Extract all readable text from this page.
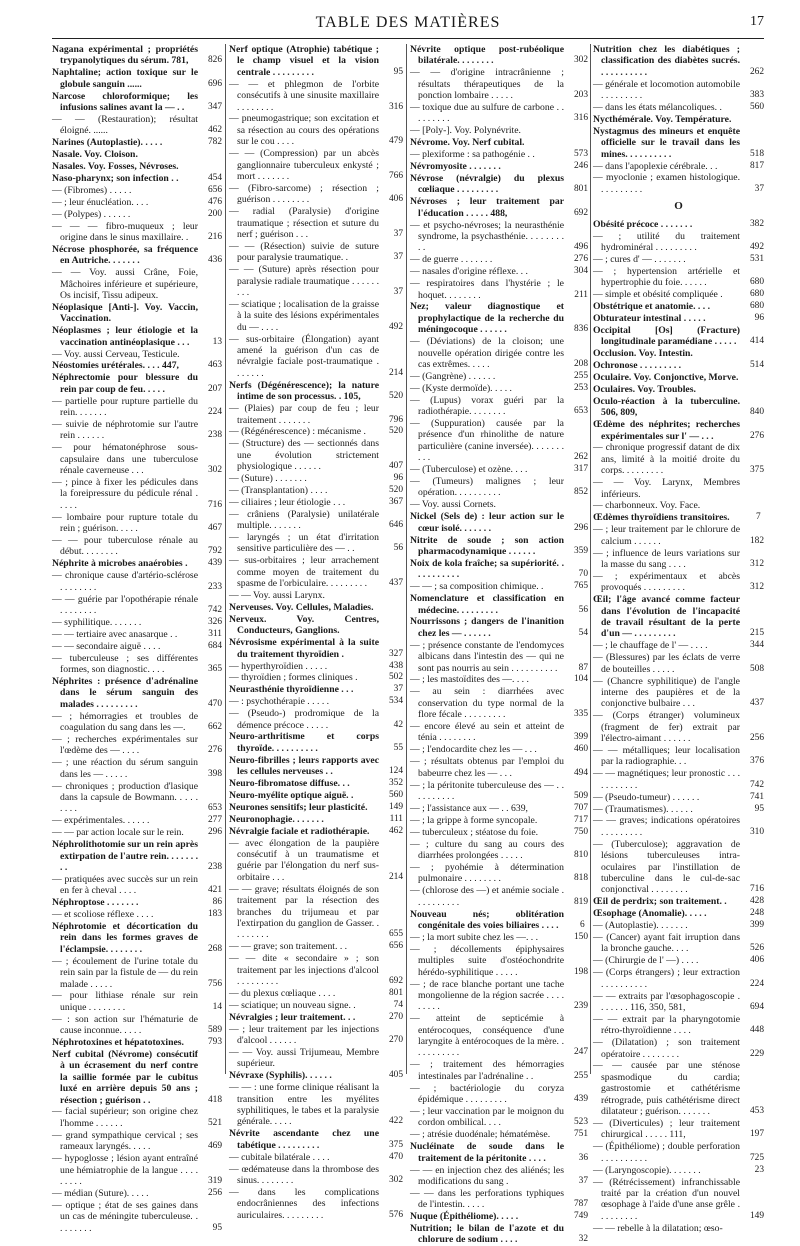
TABLE DES MATIÈRES	17
Nagana expérimental ; propriétés trypanolytiques du sérum. 781, 826
Naphtaline; action toxique sur le globule sanguin ......	696
Narcose chloroformique; les infusions salines avant la — . .	347
— — (Restauration); résultat éloigné. ......	462
Narines (Autoplastie). . . . .	782
Nasale. Voy. Cloison.
Nasales. Voy. Fosses, Névroses.
Naso-pharynx; son infection . .	454
— (Fibromes) . . . . .	656
— ; leur énucléation. . . .	476
— (Polypes) . . . . . .	200
— — — fibro-muqueux ; leur origine dans le sinus maxillaire. . 216
Nécrose phosphorée, sa fréquence en Autriche. . . . . . .	436
— — Voy. aussi Crâne, Foie, Mâchoires inférieure et supérieure, Os incisif, Tissu adipeux.
Néoplasique [Anti-]. Voy. Vaccin, Vaccination.
Néoplasmes ; leur étiologie et la vaccination antinéoplasique . . . 13
— Voy. aussi Cerveau, Testicule.
Néostomies urétérales. . . . 447,	463
Néphrectomie pour blessure du rein par coup de feu. . . . .	207
— partielle pour rupture partielle du rein. . . . . . .	224
— suivie de néphrotomie sur l'autre rein . . . . . .	238
— pour hématonéphrose sous-capsulaire dans une tuberculose rénale caverneuse . . .	302
— ; pince à fixer les pédicules dans la foreipressure du pédicule rénal . . . . .	716
— lombaire pour rupture totale du rein ; guérison. . . . .	467
— — pour tuberculose rénale au début. . . . . . . .	792
Néphrite à microbes anaérobies . 439
— chronique cause d'artério-sclérose . . . . . . . .	233
— — guérie par l'opothérapie rénale . . . . . . . .	742
— syphilitique. . . . . . .	326
— — tertiaire avec anasarque . .	311
— — secondaire aiguë . . . .	684
— tuberculeuse ; ses différentes formes, son diagnostic. . . .	365
Néphrites : présence d'adrénaline dans le sérum sanguin des malades . . . . . . . . .	470
— ; hémorragies et troubles de coagulation du sang dans les —. 662
— ; recherches expérimentales sur l'œdème des — . . . .	276
— ; une réaction du sérum sanguin dans les — . . . . .	398
— chroniques ; production d'lasique dans la capsule de Bowmann. . . . . . . . .	653
— expérimentales. . . . . .	277
— — par action locale sur le rein.	296
Néphrolithotomie sur un rein après extirpation de l'autre rein. . . . . . . . .	238
— pratiquées avec succès sur un rein en fer à cheval . . . .	421
Néphroptose . . . . . . .	86
— et scoliose réflexe . . . .	183
Néphrotomie et décortication du rein dans les formes graves de l'éclampsie. . . . . . . .	268
— ; écoulement de l'urine totale du rein sain par la fistule de — du rein malade . . . . .	756
— pour lithiase rénale sur rein unique . . . . . . . .	14
— : son action sur l'hématurie de cause inconnue. . . . .	589
Néphrotoxines et hépatotoxines.	793
Nerf cubital (Névrome) consécutif à un écrasement du nerf contre la saillie formée par le cubitus luxé en arrière depuis 50 ans ; résection ; guérison . .	418
— facial supérieur; son origine chez l'homme . . . . . .	521
— grand sympathique cervical ; ses rameaux laryngés. . . . .	469
— hypoglosse ; lésion ayant entraîné une hémiatrophie de la langue . . . . . . . . .	319
— médian (Suture). . . . .	256
— optique ; état de ses gaines dans un cas de méningite tuberculeuse. . . . . . . . .	95
Nerf optique (Atrophie) tabétique ; le champ visuel et la vision centrale . . . . . . . . .	95
— — et phlegmon de l'orbite consécutifs à une sinusite maxillaire . . . . . . . .	316
— pneumogastrique; son excitation et sa résection au cours des opérations sur le cou . . . .	479
— — (Compression) par un abcès ganglionnaire tuberculeux enkysté ; mort . . . . . . .	766
— (Fibro-sarcome) ; résection ; guérison . . . . . . . .	406
— radial (Paralysie) d'origine traumatique ; résection et suture du nerf ; guérison . . .	37
— — (Résection) suivie de suture pour paralysie traumatique. .	37
— — (Suture) après résection pour paralysie radiale traumatique . . . . . . . . .	37
— sciatique ; localisation de la graisse à la suite des lésions expérimentales du — . . . .	492
— sus-orbitaire (Élongation) ayant amené la guérison d'un cas de névralgie faciale post-traumatique . . . . . . .	214
Nerfs (Dégénérescence); la nature intime de son processus. . 105,	520
— (Plaies) par coup de feu ; leur traitement . . . . . . .	796
— (Régénérescence) : mécanisme . 520
— (Structure) des — sectionnés dans une évolution strictement physiologique . . . . . .	407
— (Suture) . . . . . . .	96
— (Transplantation) . . . .	520
— ciliaires ; leur étiologie . . .	367
— crâniens (Paralysie) unilatérale multiple. . . . . . .	646
— laryngés ; un état d'irritation sensitive particulière des — . .	56
— sus-orbitaires ; leur arrachement comme moyen de traitement du spasme de l'orbiculaire. . . . . . . . . 437
— — Voy. aussi Larynx.
Nerveuses. Voy. Cellules, Maladies.
Nerveux. Voy. Centres, Conducteurs, Ganglions.
Névrosisme expérimental à la suite du traitement thyroïdien .	327
— hyperthyroïdien . . . . .	438
— thyroïdien ; formes cliniques .	502
Neurasthénie thyroïdienne . . .	37
— : psychothérapie . . . . .	534
— (Pseudo-) prodromique de la démence précoce . . . . .	42
Neuro-arthritisme et corps thyroïde. . . . . . . . . .	55
Neuro-fibrilles ; leurs rapports avec les cellules nerveuses . .	124
Neuro-fibromatose diffuse. . .	352
Neuro-myélite optique aiguë. .	560
Neurones sensitifs; leur plasticité. 149
Neuronophagie. . . . . . .	111
Névralgie faciale et radiothérapie. 462
— avec élongation de la paupière consécutif à un traumatisme et guérie par l'élongation du nerf sus-orbitaire . . .	214
— — grave; résultats éloignés de son traitement par la résection des branches du trijumeau et par l'extirpation du ganglion de Gasser. . . . . . . . .	655
— — grave; son traitement. . .	656
— — dite « secondaire » ; son traitement par les injections d'alcool . . . . . . . . .	692
— du plexus cœliaque . . . .	801
— sciatique; un nouveau signe. .	74
Névralgies ; leur traitement. . .	270
— ; leur traitement par les injections d'alcool . . . . . .	270
— — Voy. aussi Trijumeau, Membre supérieur.
Névraxe (Syphilis). . . . . .	405
— — : une forme clinique réalisant la transition entre les myélites syphilitiques, le tabes et la paralysie générale. . . . .	422
Névrite ascendante chez une tabétique . . . . . . . . .	375
— cubitale bilatérale . . . .	470
— œdémateuse dans la thrombose des sinus. . . . . . . .	302
— dans les complications endocrâniennes des infections auriculaires. . . . . . . . .	576
Névrite optique post-rubéolique bilatérale. . . . . . . .	302
— — d'origine intracrânienne ; résultats thérapeutiques de la ponction lombaire . . . . .	203
— toxique due au sulfure de carbone . . . . . . . . .	316
— [Poly-]. Voy. Polynévrite.
Névrome. Voy. Nerf cubital.
— plexiforme : sa pathogénie . .	573
Névromyosite . . . . . . .	246
Névrose (névralgie) du plexus cœliaque . . . . . . . . .	801
Névroses ; leur traitement par l'éducation . . . . . 488,	692
— et psycho-névroses; la neurasthénie syndrome, la psychasthénie. . . . . . . . . .	496
— de guerre . . . . . . .	276
— nasales d'origine réflexe. . .	304
— respiratoires dans l'hystérie ; le hoquet. . . . . . . .	211
Nez; valeur diagnostique et prophylactique de la recherche du méningocoque . . . . . .	836
— (Déviations) de la cloison; une nouvelle opération dirigée contre les cas extrêmes. . . . .	208
— (Gangrène) . . . . . .	255
— (Kyste dermoïde). . . . .	253
— (Lupus) vorax guéri par la radiothérapie. . . . . . . .	653
— (Suppuration) causée par la présence d'un rhinolithe de nature particulière (canine inversée). . . . . . . . . .	262
— (Tuberculose) et ozène. . . .	317
— (Tumeurs) malignes ; leur opération. . . . . . . . . .	852
— Voy. aussi Cornets.
Nickel (Sels de) : leur action sur le cœur isolé. . . . . . .	296
Nitrite de soude ; son action pharmacodynamique . . . . . .	359
Noix de kola fraîche; sa supériorité. . . . . . . . . . .	70
— — ; sa composition chimique. .	765
Nomenclature et classification en médecine. . . . . . . . .	56
Nourrissons ; dangers de l'inanition chez les — . . . . . .	54
— ; présence constante de l'endomyces albicans dans l'intestin des — qui ne sont pas nourris au sein . . . . . . . . . . 87
— ; les mastoïdites des —. . . .	104
— au sein : diarrhées avec conservation du type normal de la flore fécale . . . . . . . . .	335
— encore élevé au sein et atteint de ténia . . . . . . . .	399
— ; l'endocardite chez les — . . .	460
— ; résultats obtenus par l'emploi du babeurre chez les — . . .	494
— ; la péritonite tuberculeuse des — . . . . . . . . . .	509
— ; l'assistance aux — . . 639,	707
— ; la grippe à forme syncopale.	717
— tuberculeux ; stéatose du foie.	750
— ; culture du sang au cours des diarrhées prolongées . . . . .	810
— ; pyohémie à détermination pulmonaire . . . . . . . .	818
— (chlorose des —) et anémie sociale . . . . . . . . . .	819
Nouveau nés; oblitération congénitale des voies biliaires . . . . 6
— ; la mort subite chez les —. . .	150
— ; décollements épiphysaires multiples suite d'ostéochondrite hérédo-syphilitique . . . . .	198
— ; de race blanche portant une tache mongolienne de la région sacrée . . . . . . . . .	239
— atteint de septicémie à entérocoques, conséquence d'une laryngite à entérocoques de la mère. . . . . . . . . . .	247
— ; traitement des hémorragies intestinales par l'adrénaline . .	255
— ; bactériologie du coryza épidémique . . . . . . . . .	439
— ; leur vaccination par le moignon du cordon ombilical. . . .	523
— ; atrésie duodénale; hématémèse.	751
Nucléinate de soude dans le traitement de la péritonite . . . .	36
— — en injection chez des aliénés; les modifications du sang .	37
— — dans les perforations typhiques de l'intestin. . . . .	787
Nuque (Épithéliome). . . . .	749
Nutrition; le bilan de l'azote et du chlorure de sodium . . . .	32
Nutrition chez les diabétiques ; classification des diabètes sucrés. . . . . . . . . . .	262
— générale et locomotion automobile . . . . . . . . .	383
— dans les états mélancoliques. .	560
Nycthémérale. Voy. Température.
Nystagmus des mineurs et enquête officielle sur le travail dans les mines. . . . . . . . . .	518
— dans l'apoplexie cérébrale. . .	817
— myoclonie ; examen histologique. . . . . . . . . .	37
O
Obésité précoce . . . . . . .	382
— ; utilité du traitement hydrominéral . . . . . . . . .	492
— ; cures d' — . . . . . . .	531
— ; hypertension artérielle et hypertrophie du foie. . . . . .	680
— simple et obésité compliquée .	680
Obstétrique et anatomie. . . .	680
Obturateur intestinal . . . . .	96
Occipital [Os] (Fracture) longitudinale paramédiane . . . . . 414
Occlusion. Voy. Intestin.
Ochronose . . . . . . . . .	514
Oculaire. Voy. Conjonctive, Morve.
Oculaires. Voy. Troubles.
Oculo-réaction à la tuberculine. 506, 809,	840
Œdème des néphrites; recherches expérimentales sur l' — . . .	276
— chronique progressif datant de dix ans, limité à la moitié droite du corps. . . . . . . . .	375
— — Voy. Larynx, Membres inférieurs.
— charbonneux. Voy. Face.
Œdèmes thyroïdiens transitoires.	7
— ; leur traitement par le chlorure de calcium . . . . . .	182
— ; influence de leurs variations sur la masse du sang . . . .	312
— ; expérimentaux et abcès provoqués . . . . . . . . .	312
Œil; l'âge avancé comme facteur dans l'évolution de l'incapacité de travail résultant de la perte d'un — . . . . . . . . .	215
— ; le chauffage de l' — . . . .	344
— (Blessures) par les éclats de verre de bouteilles . . . . .	508
— (Chancre syphilitique) de l'angle interne des paupières et de la conjonctive bulbaire . . .	437
— (Corps étranger) volumineux (fragment de fer) extrait par l'électro-aimant . . . . . .	256
— — métalliques; leur localisation par la radiographie. . .	376
— — magnétiques; leur pronostic . . . . . . . . . . .	742
— (Pseudo-tumeur) . . . . . .	741
— (Traumatismes). . . . . .	95
— — graves; indications opératoires . . . . . . . . .	310
— (Tuberculose); aggravation de lésions tuberculeuses intra-oculaires par l'instillation de tuberculine dans le cul-de-sac conjonctival . . . . . . . .	716
Œil de perdrix; son traitement. . 428
Œsophage (Anomalie). . . . .	248
— (Autoplastie). . . . . . .	399
— (Cancer) ayant fait irruption dans la bronche gauche. . . .	526
— (Chirurgie de l' —) . . . .	406
— (Corps étrangers) ; leur extraction . . . . . . . . . .	224
— — extraits par l'œsophagoscopie . . . . . . . 116, 350, 581,	694
— — extrait par la pharyngotomie rétro-thyroïdienne . . . .	448
— (Dilatation) ; son traitement opératoire . . . . . . . .	229
— — causée par une sténose spasmodique du cardia; gastrostomie et cathétérisme rétrograde, puis cathétérisme direct dilatateur ; guérison. . . . . . .	453
— (Diverticules) ; leur traitement chirurgical . . . . . 111,	197
— (Épithéliome) ; double perforation . . . . . . . . . .	725
— (Laryngoscopie). . . . . . .	23
— (Rétrécissement) infranchissable traité par la création d'un nouvel œsophage à l'aide d'une anse grêle . . . . . . . . .	149
— — rebelle à la dilatation; œso-
